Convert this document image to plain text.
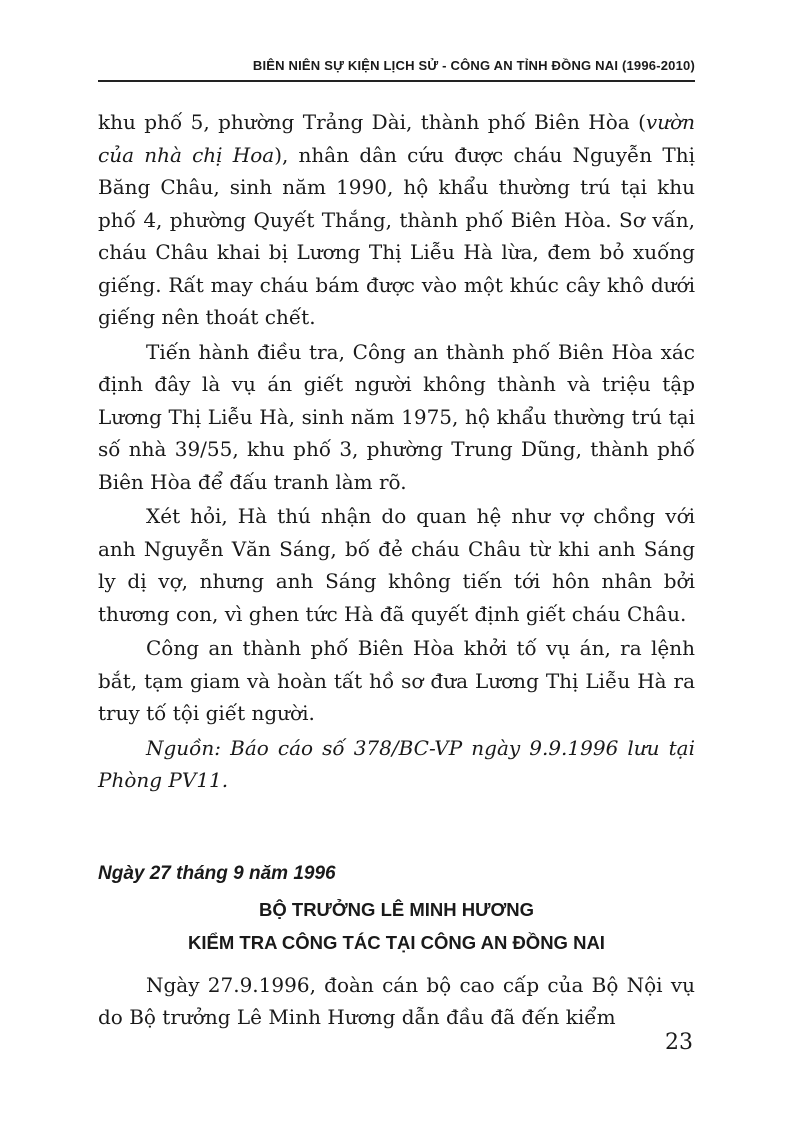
BIÊN NIÊN SỰ KIỆN LỊCH SỬ - CÔNG AN TỈNH ĐỒNG NAI (1996-2010)

khu phố 5, phường Trảng Dài, thành phố Biên Hòa (vườn của nhà chị Hoa), nhân dân cứu được cháu Nguyễn Thị Băng Châu, sinh năm 1990, hộ khẩu thường trú tại khu phố 4, phường Quyết Thắng, thành phố Biên Hòa. Sơ vấn, cháu Châu khai bị Lương Thị Liễu Hà lừa, đem bỏ xuống giếng. Rất may cháu bám được vào một khúc cây khô dưới giếng nên thoát chết.

Tiến hành điều tra, Công an thành phố Biên Hòa xác định đây là vụ án giết người không thành và triệu tập Lương Thị Liễu Hà, sinh năm 1975, hộ khẩu thường trú tại số nhà 39/55, khu phố 3, phường Trung Dũng, thành phố Biên Hòa để đấu tranh làm rõ.

Xét hỏi, Hà thú nhận do quan hệ như vợ chồng với anh Nguyễn Văn Sáng, bố đẻ cháu Châu từ khi anh Sáng ly dị vợ, nhưng anh Sáng không tiến tới hôn nhân bởi thương con, vì ghen tức Hà đã quyết định giết cháu Châu.

Công an thành phố Biên Hòa khởi tố vụ án, ra lệnh bắt, tạm giam và hoàn tất hồ sơ đưa Lương Thị Liễu Hà ra truy tố tội giết người.

Nguồn: Báo cáo số 378/BC-VP ngày 9.9.1996 lưu tại Phòng PV11.

Ngày 27 tháng 9 năm 1996
BỘ TRƯỞNG LÊ MINH HƯƠNG
KIỂM TRA CÔNG TÁC TẠI CÔNG AN ĐỒNG NAI

Ngày 27.9.1996, đoàn cán bộ cao cấp của Bộ Nội vụ do Bộ trưởng Lê Minh Hương dẫn đầu đã đến kiểm

23
